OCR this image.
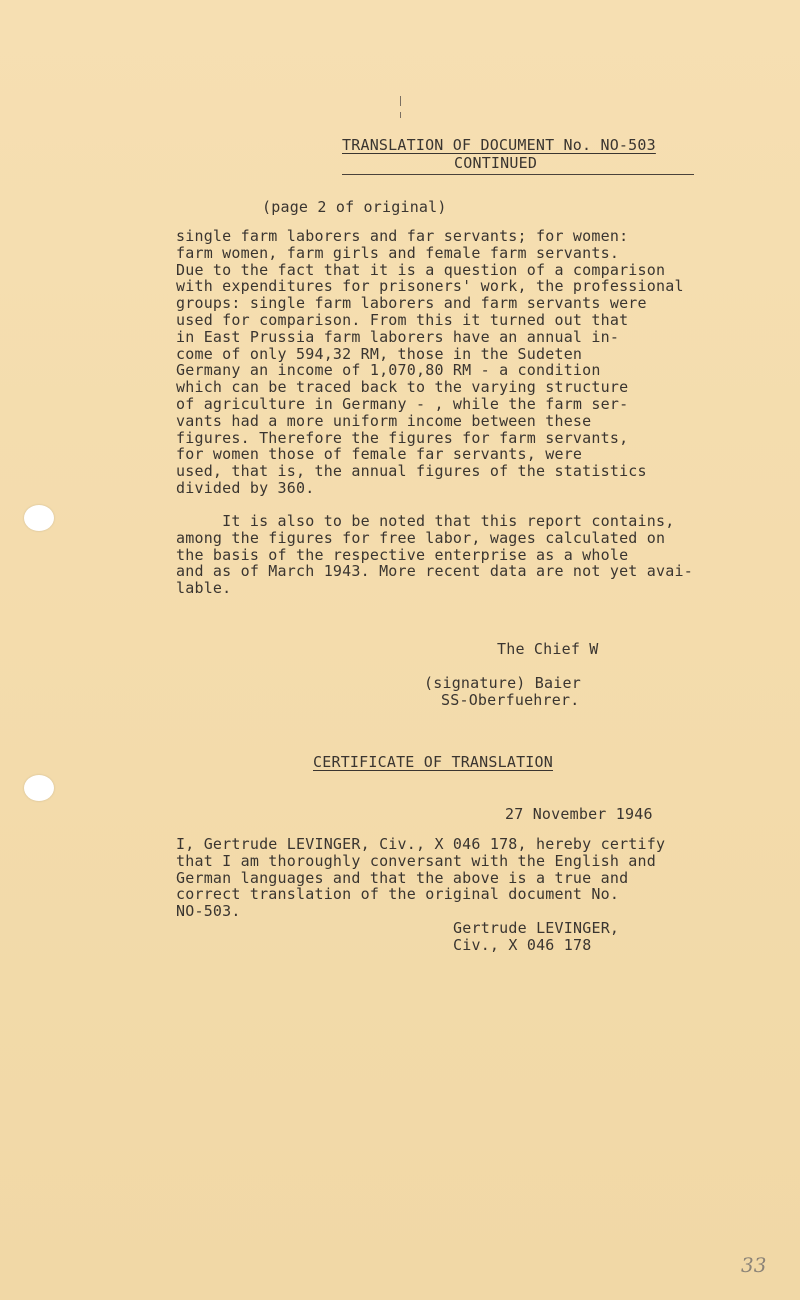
TRANSLATION OF DOCUMENT No. NO-503
CONTINUED
(page 2 of original)
single farm laborers and far servants; for women:
farm women, farm girls and female farm servants.
Due to the fact that it is a question of a comparison
with expenditures for prisoners' work, the professional
groups: single farm laborers and farm servants were
used for comparison. From this it turned out that
in East Prussia farm laborers have an annual in-
come of only 594,32 RM, those in the Sudeten
Germany an income of 1,070,80 RM - a condition
which can be traced back to the varying structure
of agriculture in Germany - , while the farm ser-
vants had a more uniform income between these
figures. Therefore the figures for farm servants,
for women those of female far servants, were
used, that is, the annual figures of the statistics
divided by 360.
It is also to be noted that this report contains,
among the figures for free labor, wages calculated on
the basis of the respective enterprise as a whole
and as of March 1943. More recent data are not yet avai-
lable.
The Chief W
(signature) Baier
SS-Oberfuehrer.
CERTIFICATE OF TRANSLATION
27 November 1946
I, Gertrude LEVINGER, Civ., X 046 178, hereby certify
that I am thoroughly conversant with the English and
German languages and that the above is a true and
correct translation of the original document No.
NO-503.
Gertrude LEVINGER,
Civ., X 046 178
33
